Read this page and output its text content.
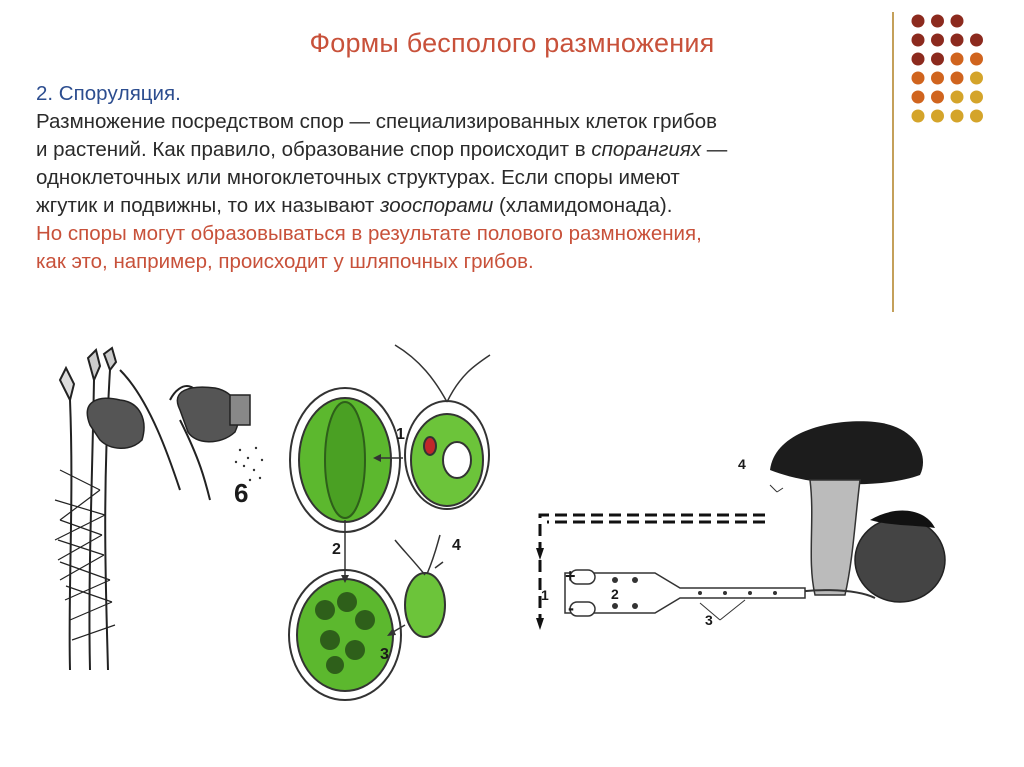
Формы бесполого размножения
2. Спорyляция.
Размножение посредством спор — специализированных клеток грибов
и растений. Как правило, образование спор происходит в спорангиях —
одноклеточных или многоклеточных структурах. Если споры имеют
жгутик и подвижны, то их называют зооспорами (хламидомонада).
Но споры могут образовываться в результате полового размножения,
как это, например, происходит у шляпочных грибов.
6
1
2
3
4
4
2
1
3
+
-
